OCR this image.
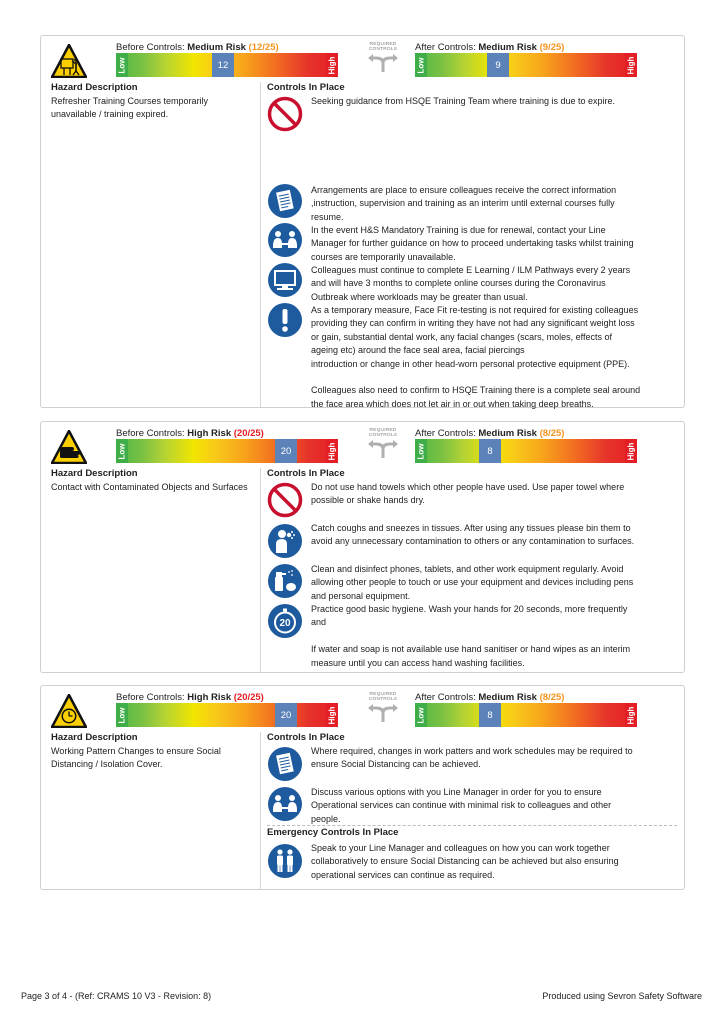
Before Controls: Medium Risk (12/25)
Low	12	High
REQUIRED
CONTROLS	After Controls: Medium Risk (9/25)
Low	9	High
Hazard Description
Refresher Training Courses temporarily unavailable / training expired.
Controls In Place
Seeking guidance from HSQE Training Team where training is due to expire.
Arrangements are place to ensure colleagues receive the correct information ,instruction, supervision and training as an interim until external courses fully resume.
In the event H&S Mandatory Training is due for renewal, contact your Line Manager for further guidance on how to proceed undertaking tasks whilst training courses are temporarily unavailable.
Colleagues must continue to complete E Learning / ILM Pathways every 2 years and will have 3 months to complete online courses during the Coronavirus Outbreak where workloads may be greater than usual.
As a temporary measure, Face Fit re-testing is not required for existing colleagues providing they can confirm in writing they have not had any significant weight loss or gain, substantial dental work, any facial changes (scars, moles, effects of ageing etc) around the face seal area, facial piercings
introduction or change in other head-worn personal protective equipment (PPE).
Colleagues also need to confirm to HSQE Training there is a complete seal around the face area which does not let air in or out when taking deep breaths.
Before Controls: High Risk (20/25)
Low	20	High
REQUIRED
CONTROLS	After Controls: Medium Risk (8/25)
Low	8	High
Hazard Description
Contact with Contaminated Objects and Surfaces
Controls In Place
Do not use hand towels which other people have used. Use paper towel where possible or shake hands dry.
Catch coughs and sneezes in tissues. After using any tissues please bin them to avoid any unnecessary contamination to others or any contamination to surfaces.
Clean and disinfect phones, tablets, and other work equipment regularly. Avoid allowing other people to touch or use your equipment and devices including pens and personal equipment.
20
Practice good basic hygiene. Wash your hands for 20 seconds, more frequently and
If water and soap is not available use hand sanitiser or hand wipes as an interim measure until you can access hand washing facilities.
Before Controls: High Risk (20/25)
Low	20	High
REQUIRED
CONTROLS	After Controls: Medium Risk (8/25)
Low	8	High
Hazard Description
Working Pattern Changes to ensure Social Distancing / Isolation Cover.
Controls In Place
Where required, changes in work patters and work schedules may be required to ensure Social Distancing can be achieved.
Discuss various options with you Line Manager in order for you to ensure Operational services can continue with minimal risk to colleagues and other people.
Emergency Controls In Place
Speak to your Line Manager and colleagues on how you can work together collaboratively to ensure Social Distancing can be achieved but also ensuring operational services can continue as required.
Page 3 of 4 - (Ref: CRAMS 10 V3 - Revision: 8)	Produced using Sevron Safety Software
